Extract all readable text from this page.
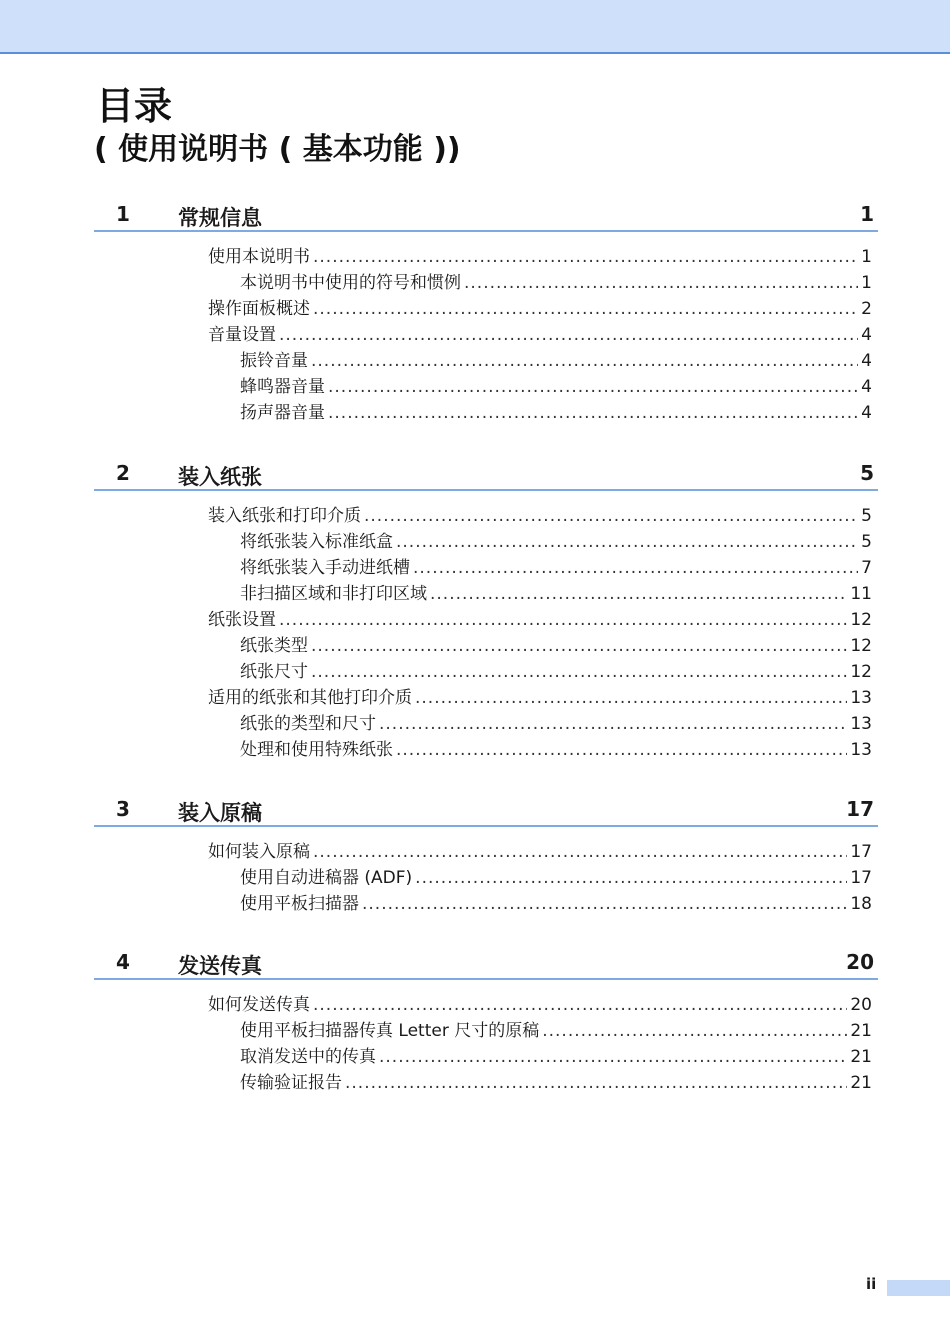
目录
( 使用说明书 ( 基本功能 ))
1 常规信息	1
使用本说明书 .....	1
本说明书中使用的符号和惯例 .....	1
操作面板概述 .....	2
音量设置 .....	4
振铃音量 .....	4
蜂鸣器音量 .....	4
扬声器音量 .....	4
2 装入纸张	5
装入纸张和打印介质 .....	5
将纸张装入标准纸盒 .....	5
将纸张装入手动进纸槽 .....	7
非扫描区域和非打印区域 .....	11
纸张设置 .....	12
纸张类型 .....	12
纸张尺寸 .....	12
适用的纸张和其他打印介质 .....	13
纸张的类型和尺寸 .....	13
处理和使用特殊纸张 .....	13
3 装入原稿	17
如何装入原稿 .....	17
使用自动进稿器 (ADF) .....	17
使用平板扫描器 .....	18
4 发送传真	20
如何发送传真 .....	20
使用平板扫描器传真 Letter 尺寸的原稿 .....	21
取消发送中的传真 .....	21
传输验证报告 .....	21
ii
